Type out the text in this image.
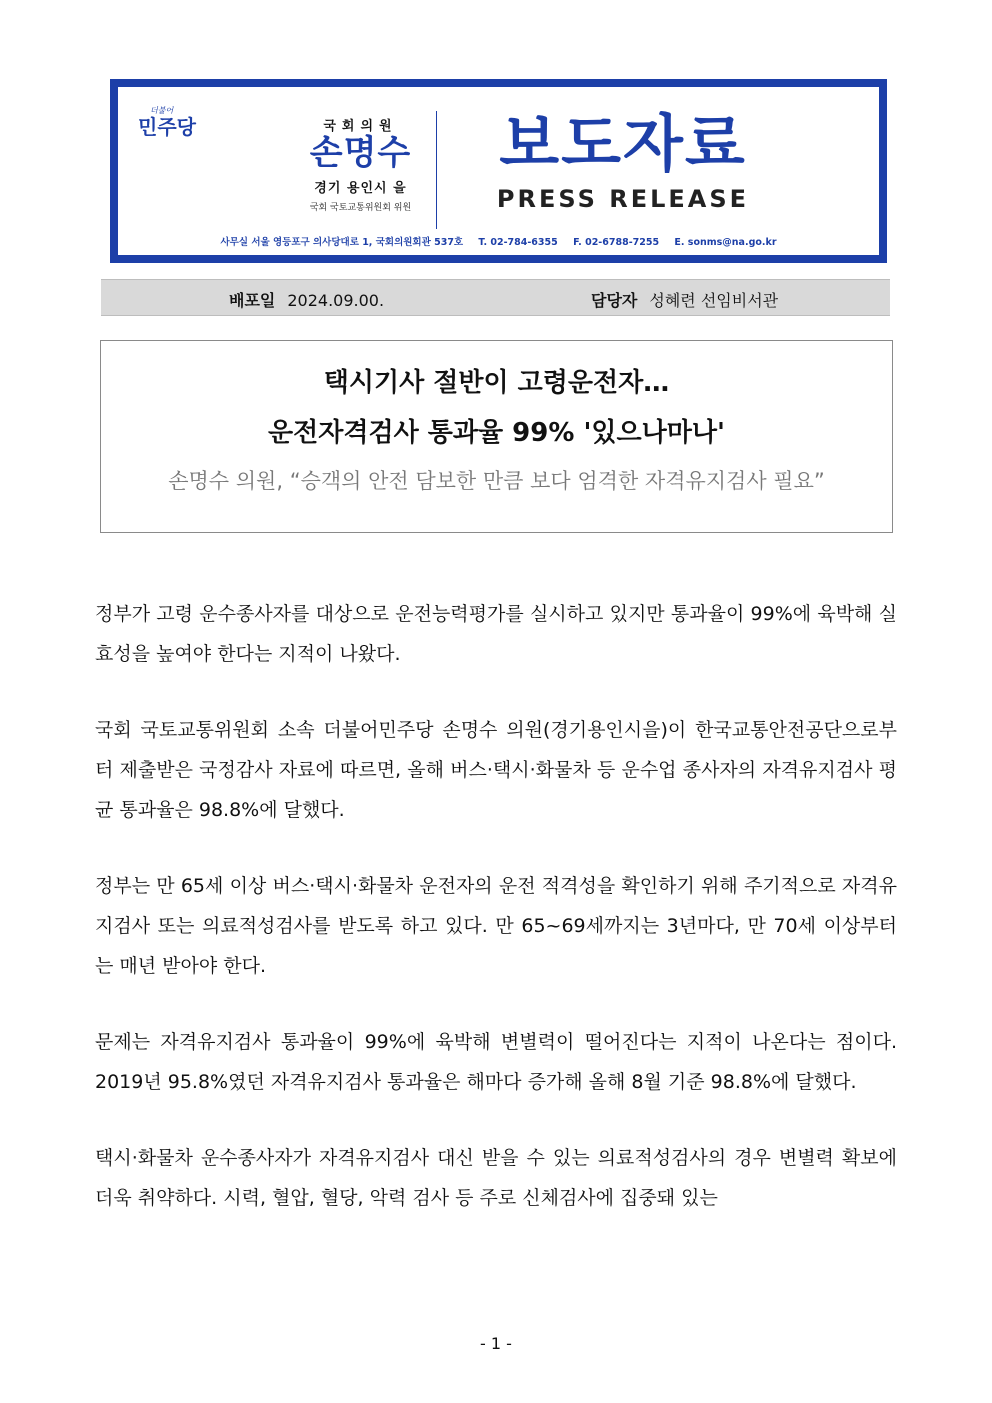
더불어
민주당	국회의원
손명수
경기 용인시 을
국회 국토교통위원회 위원
보도자료
PRESS RELEASE
사무실 서울 영등포구 의사당대로 1, 국회의원회관 537호 T. 02-784-6355 F. 02-6788-7255 E. sonms@na.go.kr
배포일 2024.09.00.	담당자 성혜련 선임비서관
택시기사 절반이 고령운전자…
운전자격검사 통과율 99% '있으나마나'
손명수 의원, “승객의 안전 담보한 만큼 보다 엄격한 자격유지검사 필요”

정부가 고령 운수종사자를 대상으로 운전능력평가를 실시하고 있지만 통과율이 99%에 육박해 실효성을 높여야 한다는 지적이 나왔다.

국회 국토교통위원회 소속 더불어민주당 손명수 의원(경기용인시을)이 한국교통안전공단으로부터 제출받은 국정감사 자료에 따르면, 올해 버스·택시·화물차 등 운수업 종사자의 자격유지검사 평균 통과율은 98.8%에 달했다.

정부는 만 65세 이상 버스·택시·화물차 운전자의 운전 적격성을 확인하기 위해 주기적으로 자격유지검사 또는 의료적성검사를 받도록 하고 있다. 만 65~69세까지는 3년마다, 만 70세 이상부터는 매년 받아야 한다.

문제는 자격유지검사 통과율이 99%에 육박해 변별력이 떨어진다는 지적이 나온다는 점이다. 2019년 95.8%였던 자격유지검사 통과율은 해마다 증가해 올해 8월 기준 98.8%에 달했다.

택시·화물차 운수종사자가 자격유지검사 대신 받을 수 있는 의료적성검사의 경우 변별력 확보에 더욱 취약하다. 시력, 혈압, 혈당, 악력 검사 등 주로 신체검사에 집중돼 있는

- 1 -
